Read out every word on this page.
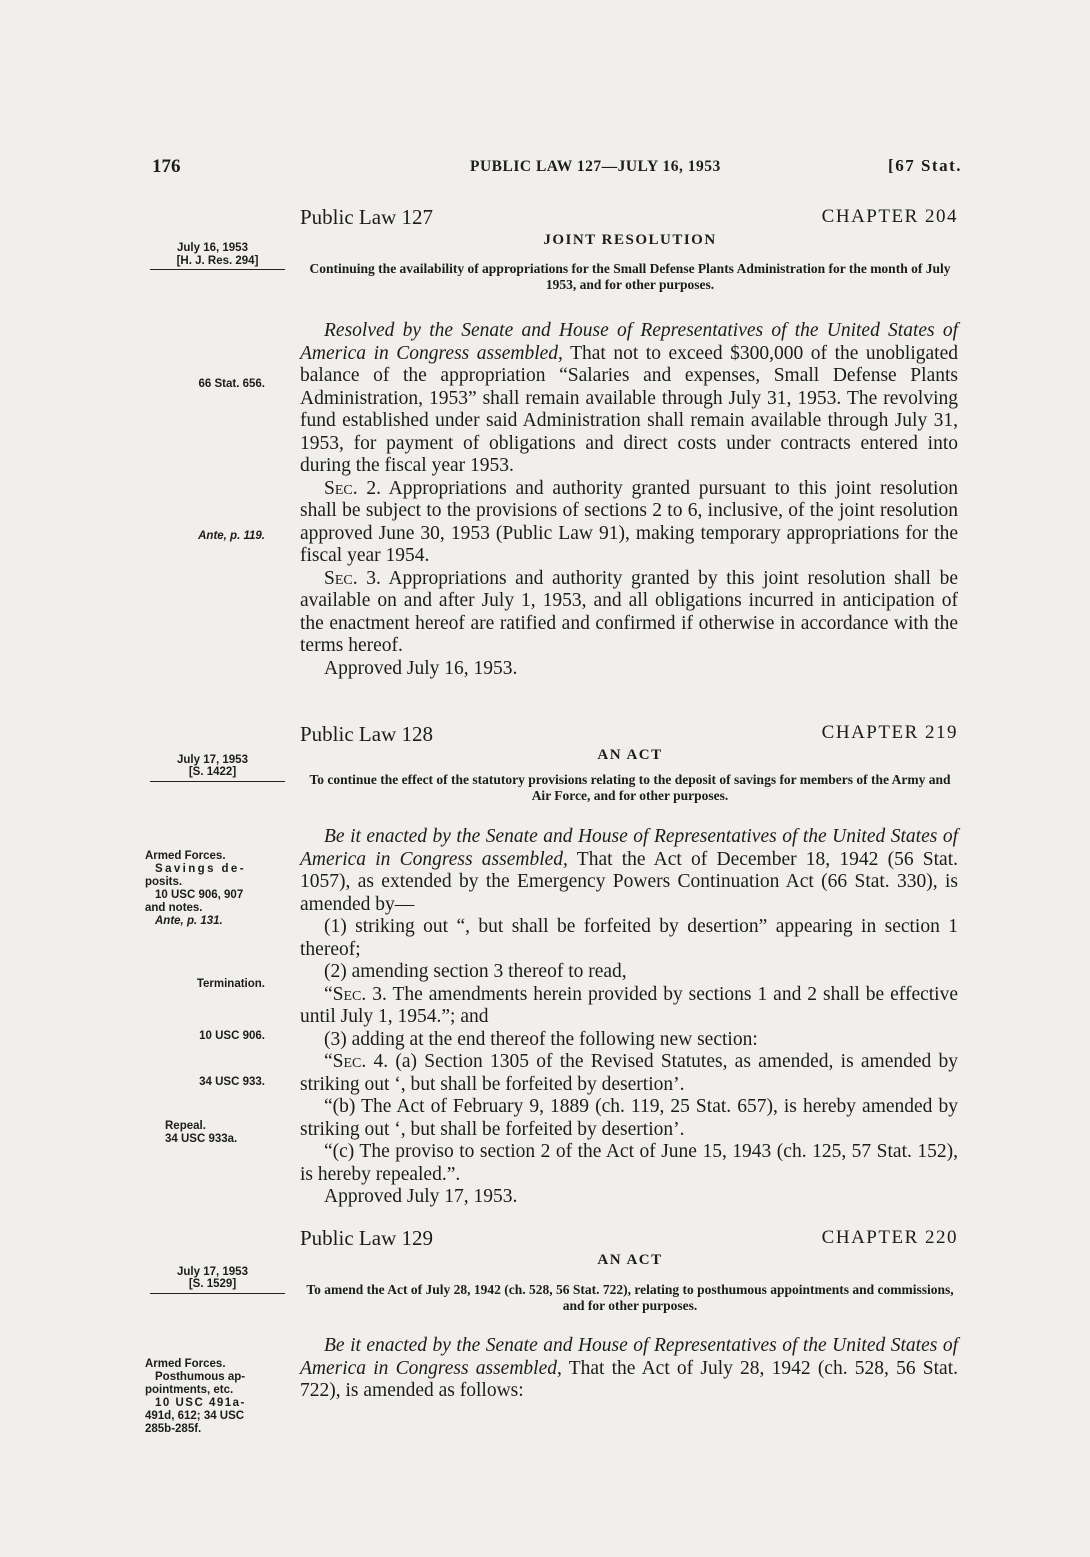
176	PUBLIC LAW 127—JULY 16, 1953	[67 Stat.
Public Law 127	CHAPTER 204
JOINT RESOLUTION
July 16, 1953
[H. J. Res. 294]	Continuing the availability of appropriations for the Small Defense Plants Administration for the month of July 1953, and for other purposes.
66 Stat. 656.
Ante, p. 119.

Resolved by the Senate and House of Representatives of the United States of America in Congress assembled, That not to exceed $300,000 of the unobligated balance of the appropriation “Salaries and expenses, Small Defense Plants Administration, 1953” shall remain available through July 31, 1953. The revolving fund established under said Administration shall remain available through July 31, 1953, for payment of obligations and direct costs under contracts entered into during the fiscal year 1953.

Sec. 2. Appropriations and authority granted pursuant to this joint resolution shall be subject to the provisions of sections 2 to 6, inclusive, of the joint resolution approved June 30, 1953 (Public Law 91), making temporary appropriations for the fiscal year 1954.

Sec. 3. Appropriations and authority granted by this joint resolution shall be available on and after July 1, 1953, and all obligations incurred in anticipation of the enactment hereof are ratified and confirmed if otherwise in accordance with the terms hereof.

Approved July 16, 1953.

Public Law 128	CHAPTER 219
AN ACT
July 17, 1953
[S. 1422]	To continue the effect of the statutory provisions relating to the deposit of savings for members of the Army and Air Force, and for other purposes.
Armed Forces.
Savings de-
posits.
10 USC 906, 907
and notes.
Ante, p. 131.
Termination.
10 USC 906.
34 USC 933.
Repeal.
34 USC 933a.

Be it enacted by the Senate and House of Representatives of the United States of America in Congress assembled, That the Act of December 18, 1942 (56 Stat. 1057), as extended by the Emergency Powers Continuation Act (66 Stat. 330), is amended by—

(1) striking out “, but shall be forfeited by desertion” appearing in section 1 thereof;

(2) amending section 3 thereof to read,

“Sec. 3. The amendments herein provided by sections 1 and 2 shall be effective until July 1, 1954.”; and

(3) adding at the end thereof the following new section:

“Sec. 4. (a) Section 1305 of the Revised Statutes, as amended, is amended by striking out ‘, but shall be forfeited by desertion’.

“(b) The Act of February 9, 1889 (ch. 119, 25 Stat. 657), is hereby amended by striking out ‘, but shall be forfeited by desertion’.

“(c) The proviso to section 2 of the Act of June 15, 1943 (ch. 125, 57 Stat. 152), is hereby repealed.”.

Approved July 17, 1953.

Public Law 129	CHAPTER 220
AN ACT
July 17, 1953
[S. 1529]	To amend the Act of July 28, 1942 (ch. 528, 56 Stat. 722), relating to posthumous appointments and commissions, and for other purposes.
Armed Forces.
Posthumous ap-
pointments, etc.
10 USC 491a-
491d, 612; 34 USC
285b-285f.

Be it enacted by the Senate and House of Representatives of the United States of America in Congress assembled, That the Act of July 28, 1942 (ch. 528, 56 Stat. 722), is amended as follows:
